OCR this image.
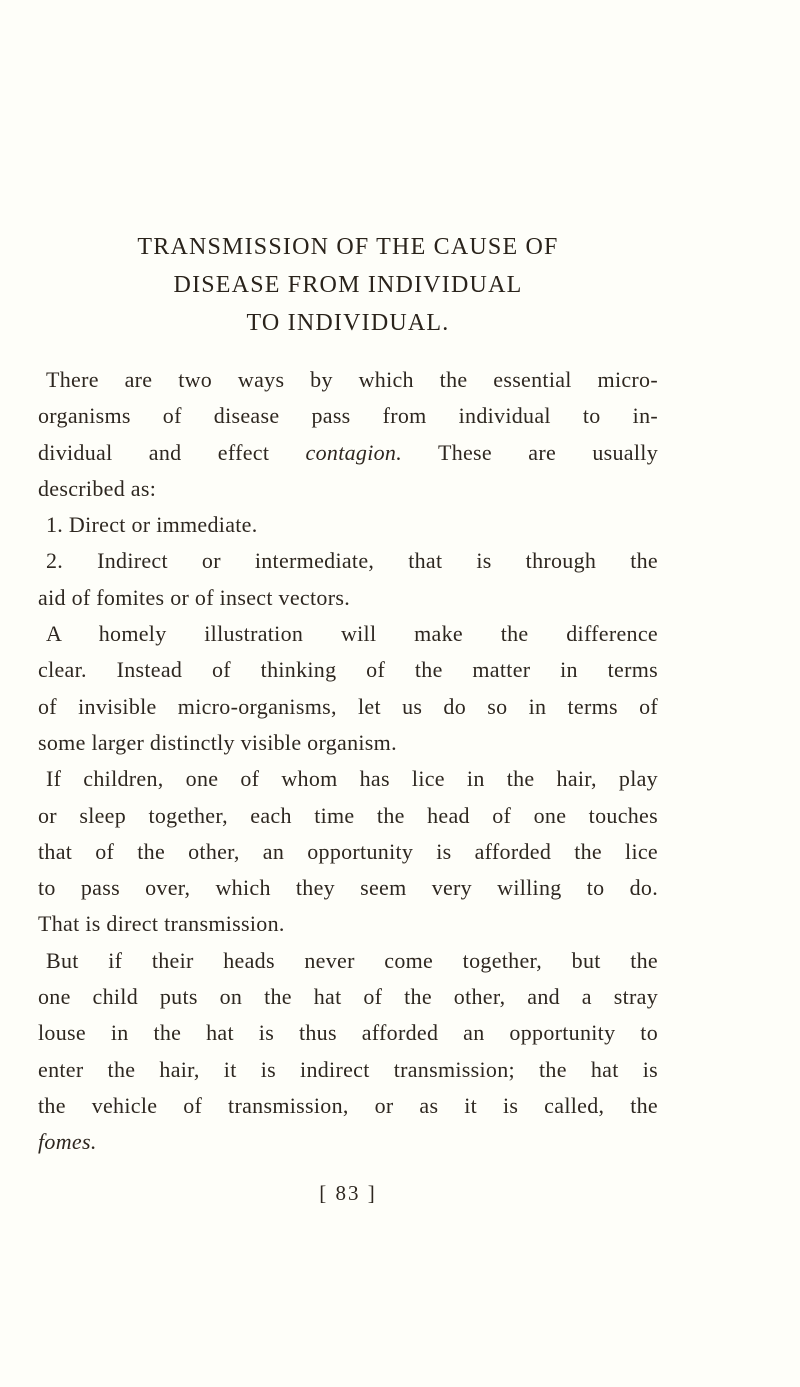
TRANSMISSION OF THE CAUSE OF
DISEASE FROM INDIVIDUAL
TO INDIVIDUAL.
There are two ways by which the essential micro-
organisms of disease pass from individual to in-
dividual and effect contagion. These are usually
described as:
1. Direct or immediate.
2. Indirect or intermediate, that is through the
aid of fomites or of insect vectors.
A homely illustration will make the difference
clear. Instead of thinking of the matter in terms
of invisible micro-organisms, let us do so in terms of
some larger distinctly visible organism.
If children, one of whom has lice in the hair, play
or sleep together, each time the head of one touches
that of the other, an opportunity is afforded the lice
to pass over, which they seem very willing to do.
That is direct transmission.
But if their heads never come together, but the
one child puts on the hat of the other, and a stray
louse in the hat is thus afforded an opportunity to
enter the hair, it is indirect transmission; the hat is
the vehicle of transmission, or as it is called, the
fomes.
[ 83 ]
